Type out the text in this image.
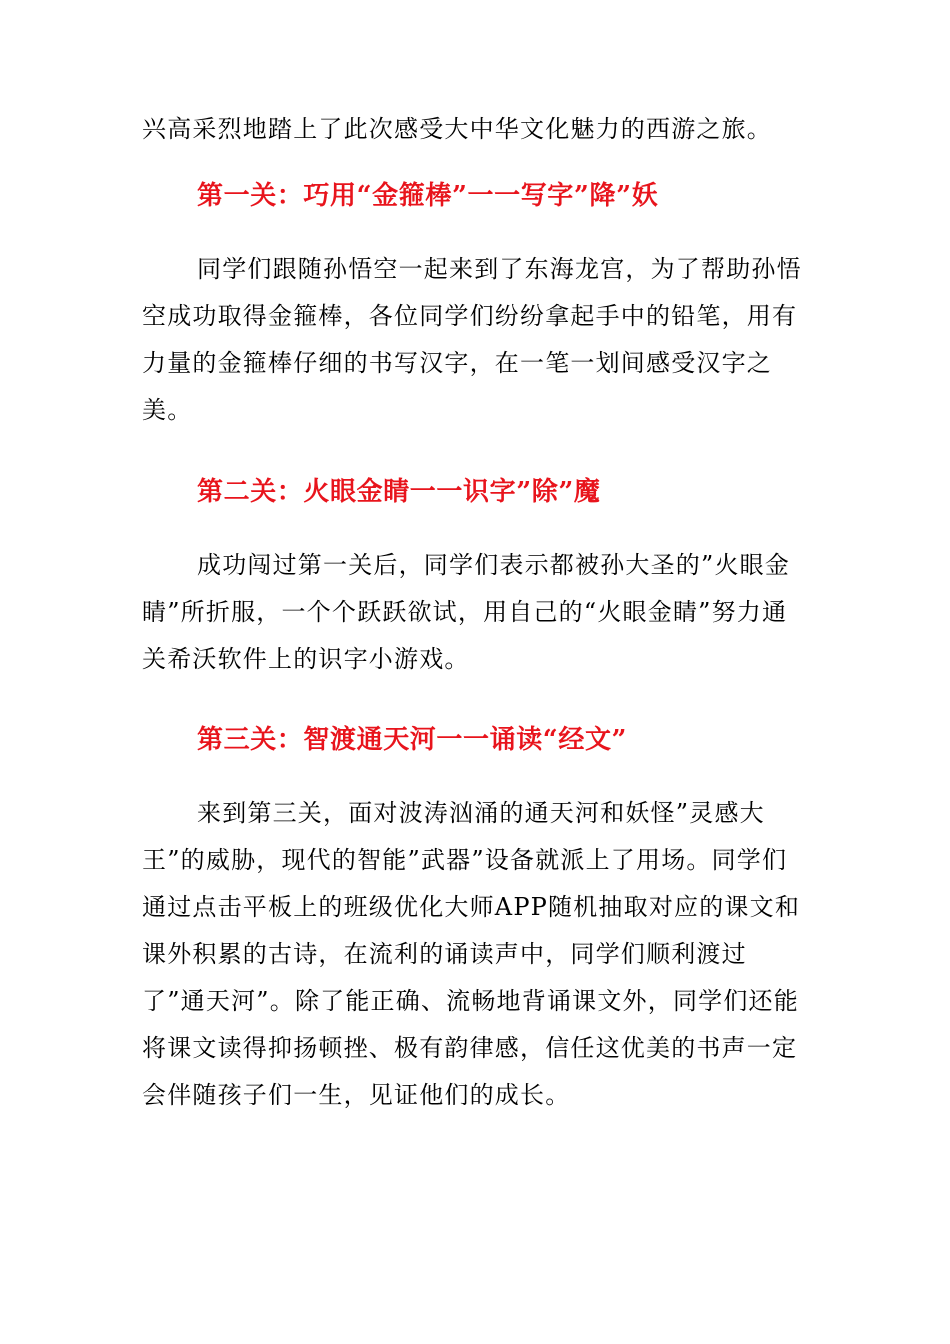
兴高采烈地踏上了此次感受大中华文化魅力的西游之旅。

第一关：巧用“金箍棒”一一写字”降”妖

同学们跟随孙悟空一起来到了东海龙宫，为了帮助孙悟空成功取得金箍棒，各位同学们纷纷拿起手中的铅笔，用有力量的金箍棒仔细的书写汉字，在一笔一划间感受汉字之美。

第二关：火眼金睛一一识字”除”魔

成功闯过第一关后，同学们表示都被孙大圣的”火眼金睛”所折服，一个个跃跃欲试，用自己的“火眼金睛”努力通关希沃软件上的识字小游戏。

第三关：智渡通天河一一诵读“经文”

来到第三关，面对波涛汹涌的通天河和妖怪”灵感大王”的威胁，现代的智能”武器”设备就派上了用场。同学们通过点击平板上的班级优化大师APP随机抽取对应的课文和课外积累的古诗，在流利的诵读声中，同学们顺利渡过了”通天河”。除了能正确、流畅地背诵课文外，同学们还能将课文读得抑扬顿挫、极有韵律感，信任这优美的书声一定会伴随孩子们一生，见证他们的成长。
